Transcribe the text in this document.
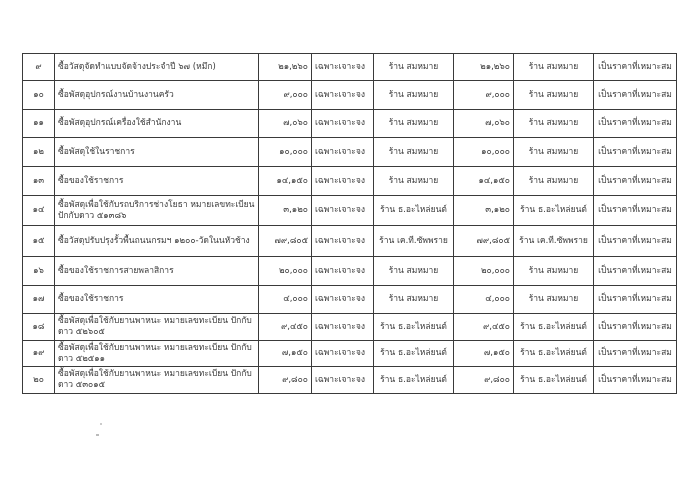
๙	ซื้อวัสดุจัดทำแบบจัดจ้างประจำปี ๖๗ (หมึก)	๒๑,๒๖๐	เฉพาะเจาะจง	ร้าน สมหมาย	๒๑,๒๖๐	ร้าน สมหมาย	เป็นราคาที่เหมาะสม
๑๐	ซื้อพัสดุอุปกรณ์งานบ้านงานครัว	๙,๐๐๐	เฉพาะเจาะจง	ร้าน สมหมาย	๙,๐๐๐	ร้าน สมหมาย	เป็นราคาที่เหมาะสม
๑๑	ซื้อพัสดุอุปกรณ์เครื่องใช้สำนักงาน	๗,๐๖๐	เฉพาะเจาะจง	ร้าน สมหมาย	๗,๐๖๐	ร้าน สมหมาย	เป็นราคาที่เหมาะสม
๑๒	ซื้อพัสดุใช้ในราชการ	๑๐,๐๐๐	เฉพาะเจาะจง	ร้าน สมหมาย	๑๐,๐๐๐	ร้าน สมหมาย	เป็นราคาที่เหมาะสม
๑๓	ซื้อของใช้ราชการ	๑๔,๑๕๐	เฉพาะเจาะจง	ร้าน สมหมาย	๑๔,๑๕๐	ร้าน สมหมาย	เป็นราคาที่เหมาะสม
๑๔	ซื้อพัสดุเพื่อใช้กับรถบริการช่างโยธา หมายเลขทะเบียน ปักกับดาว ๕๑๓๘๖	๓,๑๒๐	เฉพาะเจาะจง	ร้าน ธ.อะไหล่ยนต์	๓,๑๒๐	ร้าน ธ.อะไหล่ยนต์	เป็นราคาที่เหมาะสม
๑๕	ซื้อวัสดุปรับปรุงรั้วพื้นถนนกรมฯ ๑๒๐๐-วัดในนหัวช้าง	๗๙,๘๐๕	เฉพาะเจาะจง	ร้าน เค.ที.ซัพพราย	๗๙,๘๐๕	ร้าน เค.ที.ซัพพราย	เป็นราคาที่เหมาะสม
๑๖	ซื้อของใช้ราชการสายพลาสิการ	๒๐,๐๐๐	เฉพาะเจาะจง	ร้าน สมหมาย	๒๐,๐๐๐	ร้าน สมหมาย	เป็นราคาที่เหมาะสม
๑๗	ซื้อของใช้ราชการ	๔,๐๐๐	เฉพาะเจาะจง	ร้าน สมหมาย	๔,๐๐๐	ร้าน สมหมาย	เป็นราคาที่เหมาะสม
๑๘	ซื้อพัสดุเพื่อใช้กับยานพาหนะ หมายเลขทะเบียน ปักกับดาว ๕๒๖๐๕	๙,๔๕๐	เฉพาะเจาะจง	ร้าน ธ.อะไหล่ยนต์	๙,๔๕๐	ร้าน ธ.อะไหล่ยนต์	เป็นราคาที่เหมาะสม
๑๙	ซื้อพัสดุเพื่อใช้กับยานพาหนะ หมายเลขทะเบียน ปักกับดาว ๕๒๕๑๑	๗,๑๕๐	เฉพาะเจาะจง	ร้าน ธ.อะไหล่ยนต์	๗,๑๕๐	ร้าน ธ.อะไหล่ยนต์	เป็นราคาที่เหมาะสม
๒๐	ซื้อพัสดุเพื่อใช้กับยานพาหนะ หมายเลขทะเบียน ปักกับดาว ๕๓๐๑๕	๙,๘๐๐	เฉพาะเจาะจง	ร้าน ธ.อะไหล่ยนต์	๙,๘๐๐	ร้าน ธ.อะไหล่ยนต์	เป็นราคาที่เหมาะสม
